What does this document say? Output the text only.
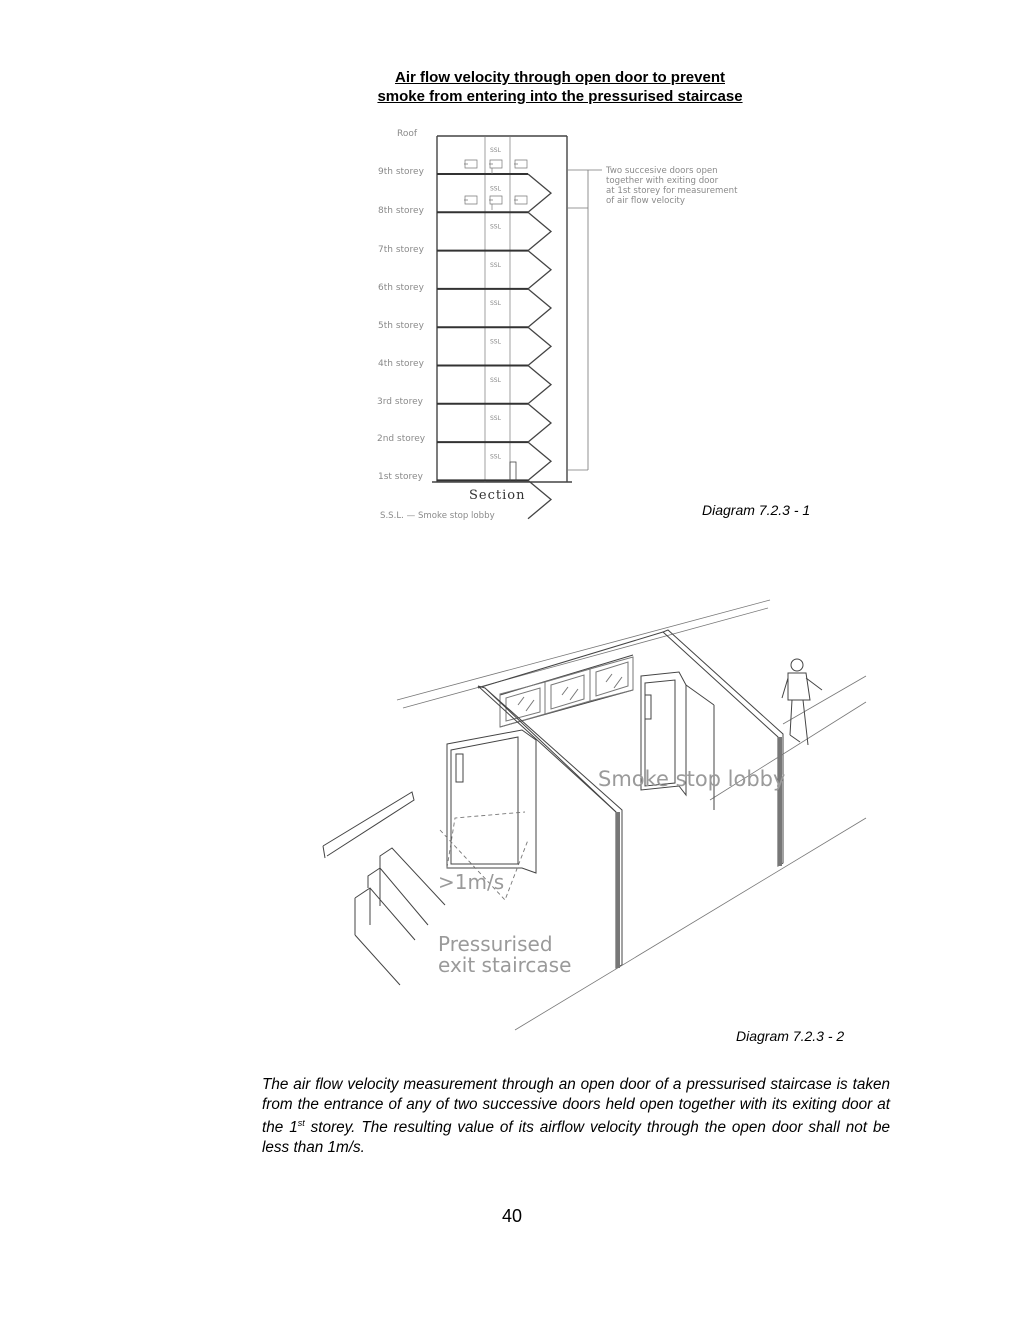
Air flow velocity through open door to prevent
smoke from entering into the pressurised staircase
SSL
SSL
SSL
SSL
SSL
SSL
SSL
SSL
SSL
Roof
9th storey
8th storey
7th storey
6th storey
5th storey
4th storey
3rd storey
2nd storey
1st storey
Two succesive doors open
together with exiting door
at 1st storey for measurement
of air flow velocity
Section
S.S.L. — Smoke stop lobby
Smoke stop lobby
>1m/s
Pressurised
exit staircase
Diagram 7.2.3 - 1
Diagram 7.2.3 - 2

The air flow velocity measurement through an open door of a pressurised staircase is taken from the entrance of any of two successive doors held open together with its exiting door at the 1st storey. The resulting value of its airflow velocity through the open door shall not be less than 1m/s.

40
